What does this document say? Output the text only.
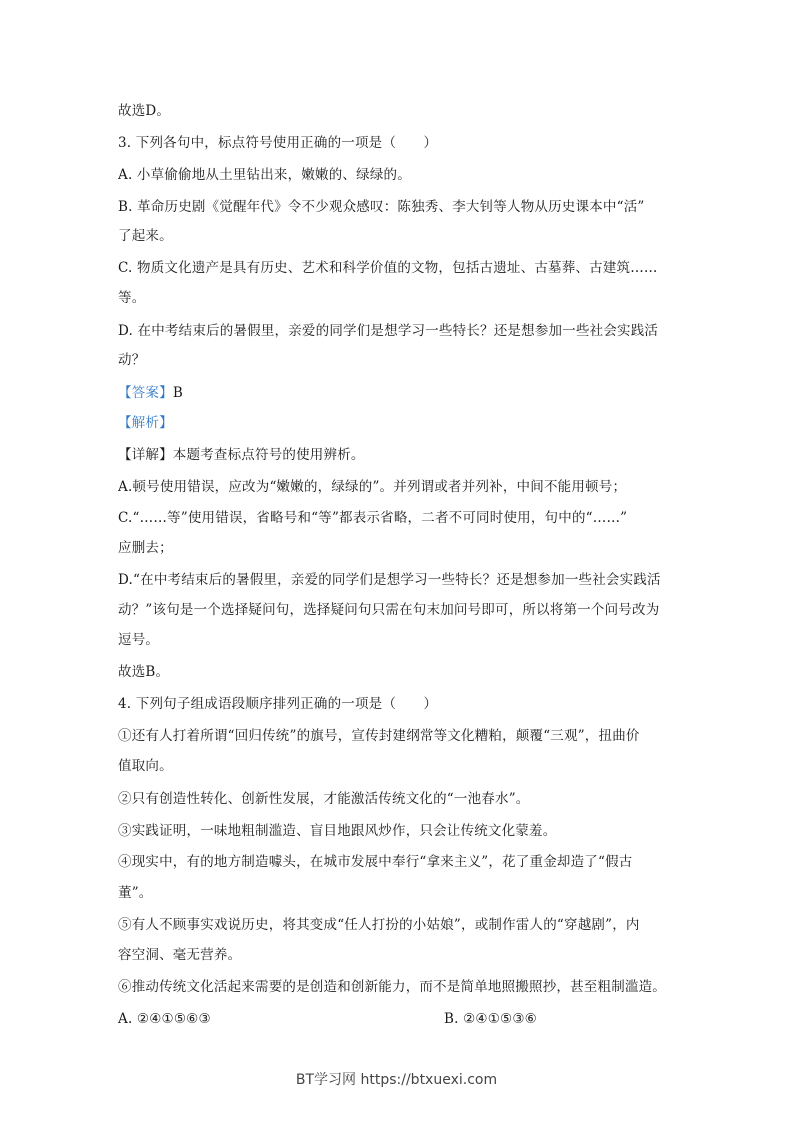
故选D。
3. 下列各句中，标点符号使用正确的一项是（　　）
A. 小草偷偷地从土里钻出来，嫩嫩的、绿绿的。
B. 革命历史剧《觉醒年代》令不少观众感叹：陈独秀、李大钊等人物从历史课本中“活”
了起来。
C. 物质文化遗产是具有历史、艺术和科学价值的文物，包括古遗址、古墓葬、古建筑……
等。
D. 在中考结束后的暑假里，亲爱的同学们是想学习一些特长？还是想参加一些社会实践活
动？
【答案】B
【解析】
【详解】本题考查标点符号的使用辨析。
A.顿号使用错误，应改为“嫩嫩的，绿绿的”。并列谓或者并列补，中间不能用顿号；
C.“……等”使用错误，省略号和“等”都表示省略，二者不可同时使用，句中的“……”
应删去；
D.“在中考结束后的暑假里，亲爱的同学们是想学习一些特长？还是想参加一些社会实践活
动？”该句是一个选择疑问句，选择疑问句只需在句末加问号即可，所以将第一个问号改为
逗号。
故选B。
4. 下列句子组成语段顺序排列正确的一项是（　　）
①还有人打着所谓“回归传统”的旗号，宣传封建纲常等文化糟粕，颠覆“三观”，扭曲价
值取向。
②只有创造性转化、创新性发展，才能激活传统文化的“一池春水”。
③实践证明，一味地粗制滥造、盲目地跟风炒作，只会让传统文化蒙羞。
④现实中，有的地方制造噱头，在城市发展中奉行“拿来主义”，花了重金却造了“假古
董”。
⑤有人不顾事实戏说历史，将其变成“任人打扮的小姑娘”，或制作雷人的“穿越剧”，内
容空洞、毫无营养。
⑥推动传统文化活起来需要的是创造和创新能力，而不是简单地照搬照抄，甚至粗制滥造。
A. ②④①⑤⑥③	B. ②④①⑤③⑥
BT学习网 https://btxuexi.com
